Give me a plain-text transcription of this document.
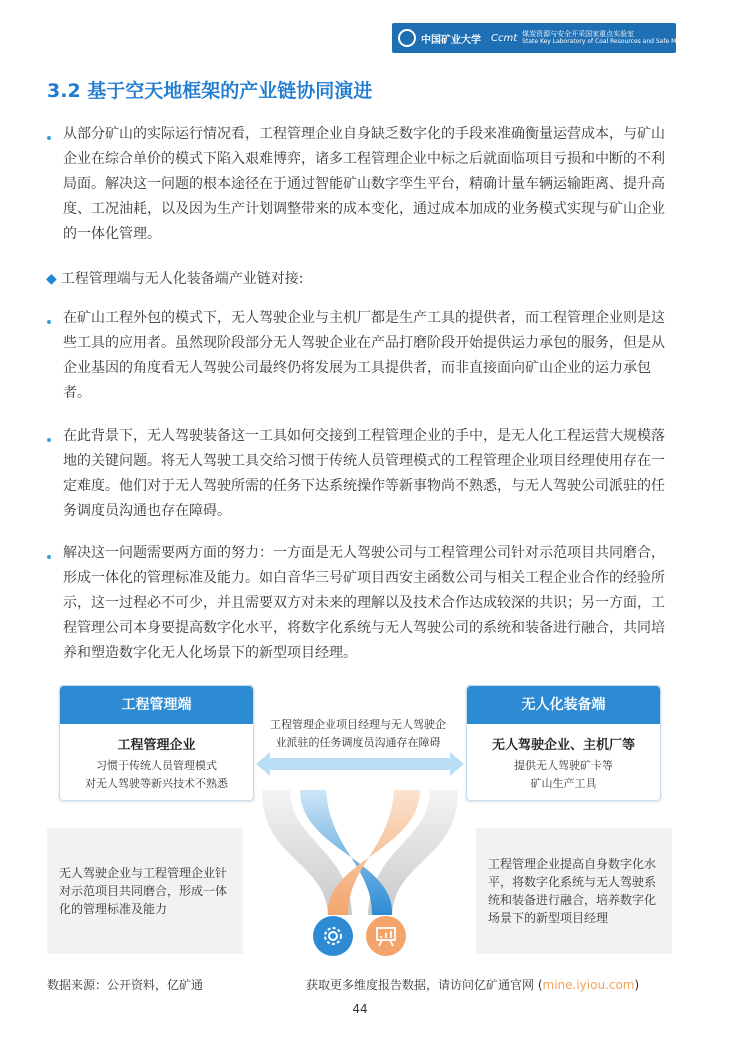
中国矿业大学 Ccmt 煤炭资源与安全开采国家重点实验室
State Key Laboratory of Coal Resources and Safe Mining(CUMT) 亿矿通
3.2 基于空天地框架的产业链协同演进
从部分矿山的实际运行情况看，工程管理企业自身缺乏数字化的手段来准确衡量运营成本，与矿山企业在综合单价的模式下陷入艰难博弈，诸多工程管理企业中标之后就面临项目亏损和中断的不利局面。解决这一问题的根本途径在于通过智能矿山数字孪生平台，精确计量车辆运输距离、提升高度、工况油耗，以及因为生产计划调整带来的成本变化，通过成本加成的业务模式实现与矿山企业的一体化管理。
◆ 工程管理端与无人化装备端产业链对接:
在矿山工程外包的模式下，无人驾驶企业与主机厂都是生产工具的提供者，而工程管理企业则是这些工具的应用者。虽然现阶段部分无人驾驶企业在产品打磨阶段开始提供运力承包的服务，但是从企业基因的角度看无人驾驶公司最终仍将发展为工具提供者，而非直接面向矿山企业的运力承包者。
在此背景下，无人驾驶装备这一工具如何交接到工程管理企业的手中，是无人化工程运营大规模落地的关键问题。将无人驾驶工具交给习惯于传统人员管理模式的工程管理企业项目经理使用存在一定难度。他们对于无人驾驶所需的任务下达系统操作等新事物尚不熟悉，与无人驾驶公司派驻的任务调度员沟通也存在障碍。
解决这一问题需要两方面的努力：一方面是无人驾驶公司与工程管理公司针对示范项目共同磨合，形成一体化的管理标准及能力。如白音华三号矿项目西安主函数公司与相关工程企业合作的经验所示，这一过程必不可少，并且需要双方对未来的理解以及技术合作达成较深的共识；另一方面，工程管理公司本身要提高数字化水平，将数字化系统与无人驾驶公司的系统和装备进行融合，共同培养和塑造数字化无人化场景下的新型项目经理。
工程管理端
工程管理企业
习惯于传统人员管理模式
对无人驾驶等新兴技术不熟悉
无人化装备端
无人驾驶企业、主机厂等
提供无人驾驶矿卡等
矿山生产工具
工程管理企业项目经理与无人驾驶企
业派驻的任务调度员沟通存在障碍
无人驾驶企业与工程管理企业针对示范项目共同磨合，形成一体化的管理标准及能力
工程管理企业提高自身数字化水平，将数字化系统与无人驾驶系统和装备进行融合，培养数字化场景下的新型项目经理
数据来源：公开资料，亿矿通	获取更多维度报告数据，请访问亿矿通官网 (mine.iyiou.com)
44
